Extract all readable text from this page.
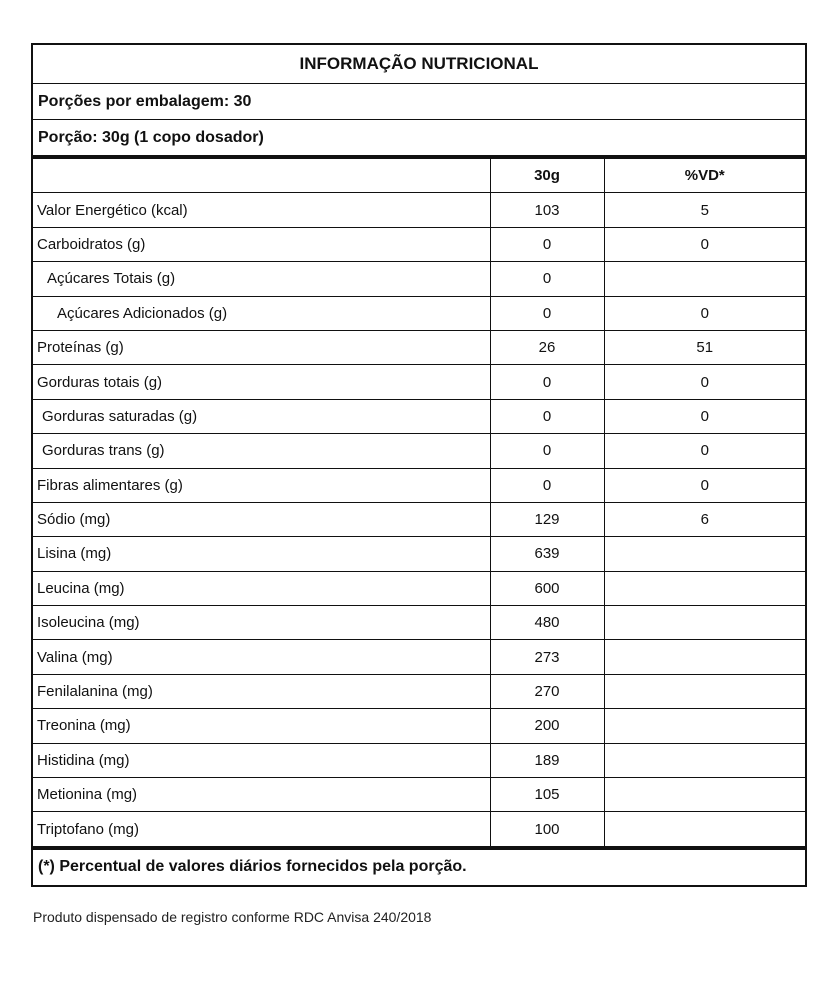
INFORMAÇÃO NUTRICIONAL
Porções por embalagem: 30
Porção: 30g (1 copo dosador)
	30g	%VD*
Valor Energético (kcal)	103	5
Carboidratos (g)	0	0
Açúcares Totais (g)	0	
Açúcares Adicionados (g)	0	0
Proteínas (g)	26	51
Gorduras totais (g)	0	0
Gorduras saturadas (g)	0	0
Gorduras trans (g)	0	0
Fibras alimentares (g)	0	0
Sódio (mg)	129	6
Lisina (mg)	639	
Leucina (mg)	600	
Isoleucina (mg)	480	
Valina (mg)	273	
Fenilalanina (mg)	270	
Treonina (mg)	200	
Histidina (mg)	189	
Metionina (mg)	105	
Triptofano (mg)	100	
(*) Percentual de valores diários fornecidos pela porção.
Produto dispensado de registro conforme RDC Anvisa 240/2018
